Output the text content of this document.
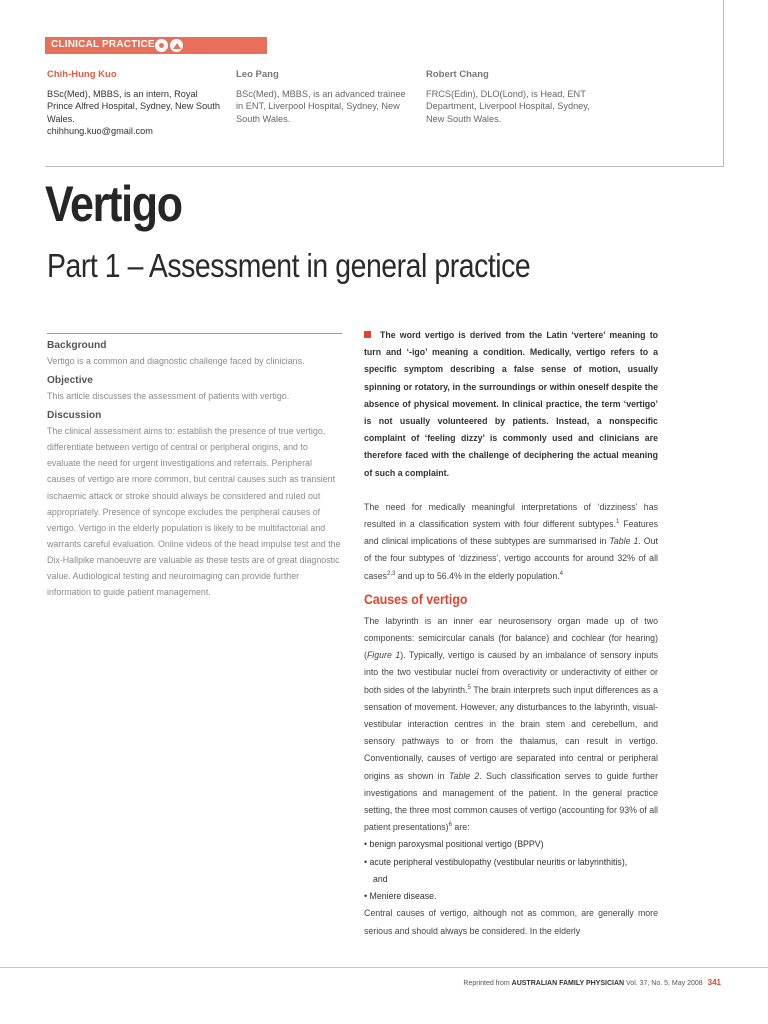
CLINICAL PRACTICE
Chih-Hung Kuo
BSc(Med), MBBS, is an intern, Royal Prince Alfred Hospital, Sydney, New South Wales.
chihhung.kuo@gmail.com
Leo Pang
BSc(Med), MBBS, is an advanced trainee in ENT, Liverpool Hospital, Sydney, New South Wales.
Robert Chang
FRCS(Edin), DLO(Lond), is Head, ENT Department, Liverpool Hospital, Sydney, New South Wales.
Vertigo
Part 1 – Assessment in general practice
Background
Vertigo is a common and diagnostic challenge faced by clinicians.
Objective
This article discusses the assessment of patients with vertigo.
Discussion
The clinical assessment aims to: establish the presence of true vertigo, differentiate between vertigo of central or peripheral origins, and to evaluate the need for urgent investigations and referrals. Peripheral causes of vertigo are more common, but central causes such as transient ischaemic attack or stroke should always be considered and ruled out appropriately. Presence of syncope excludes the peripheral causes of vertigo. Vertigo in the elderly population is likely to be multifactorial and warrants careful evaluation. Online videos of the head impulse test and the Dix-Hallpike manoeuvre are valuable as these tests are of great diagnostic value. Audiological testing and neuroimaging can provide further information to guide patient management.
The word vertigo is derived from the Latin ‘vertere’ meaning to turn and ‘-igo’ meaning a condition. Medically, vertigo refers to a specific symptom describing a false sense of motion, usually spinning or rotatory, in the surroundings or within oneself despite the absence of physical movement. In clinical practice, the term ‘vertigo’ is not usually volunteered by patients. Instead, a nonspecific complaint of ‘feeling dizzy’ is commonly used and clinicians are therefore faced with the challenge of deciphering the actual meaning of such a complaint.
The need for medically meaningful interpretations of ‘dizziness’ has resulted in a classification system with four different subtypes.$^1$ Features and clinical implications of these subtypes are summarised in Table 1. Out of the four subtypes of ‘dizziness’, vertigo accounts for around 32% of all cases$^{2,3}$ and up to 56.4% in the elderly population.$^4$
Causes of vertigo
The labyrinth is an inner ear neurosensory organ made up of two components: semicircular canals (for balance) and cochlear (for hearing) (Figure 1). Typically, vertigo is caused by an imbalance of sensory inputs into the two vestibular nuclei from overactivity or underactivity of either or both sides of the labyrinth.$^5$ The brain interprets such input differences as a sensation of movement. However, any disturbances to the labyrinth, visual-vestibular interaction centres in the brain stem and cerebellum, and sensory pathways to or from the thalamus, can result in vertigo. Conventionally, causes of vertigo are separated into central or peripheral origins as shown in Table 2. Such classification serves to guide further investigations and management of the patient. In the general practice setting, the three most common causes of vertigo (accounting for 93% of all patient presentations)$^6$ are:
• benign paroxysmal positional vertigo (BPPV)
• acute peripheral vestibulopathy (vestibular neuritis or labyrinthitis),
and
• Meniere disease.
Central causes of vertigo, although not as common, are generally more serious and should always be considered. In the elderly
Reprinted from AUSTRALIAN FAMILY PHYSICIAN Vol. 37, No. 5, May 2008 341
